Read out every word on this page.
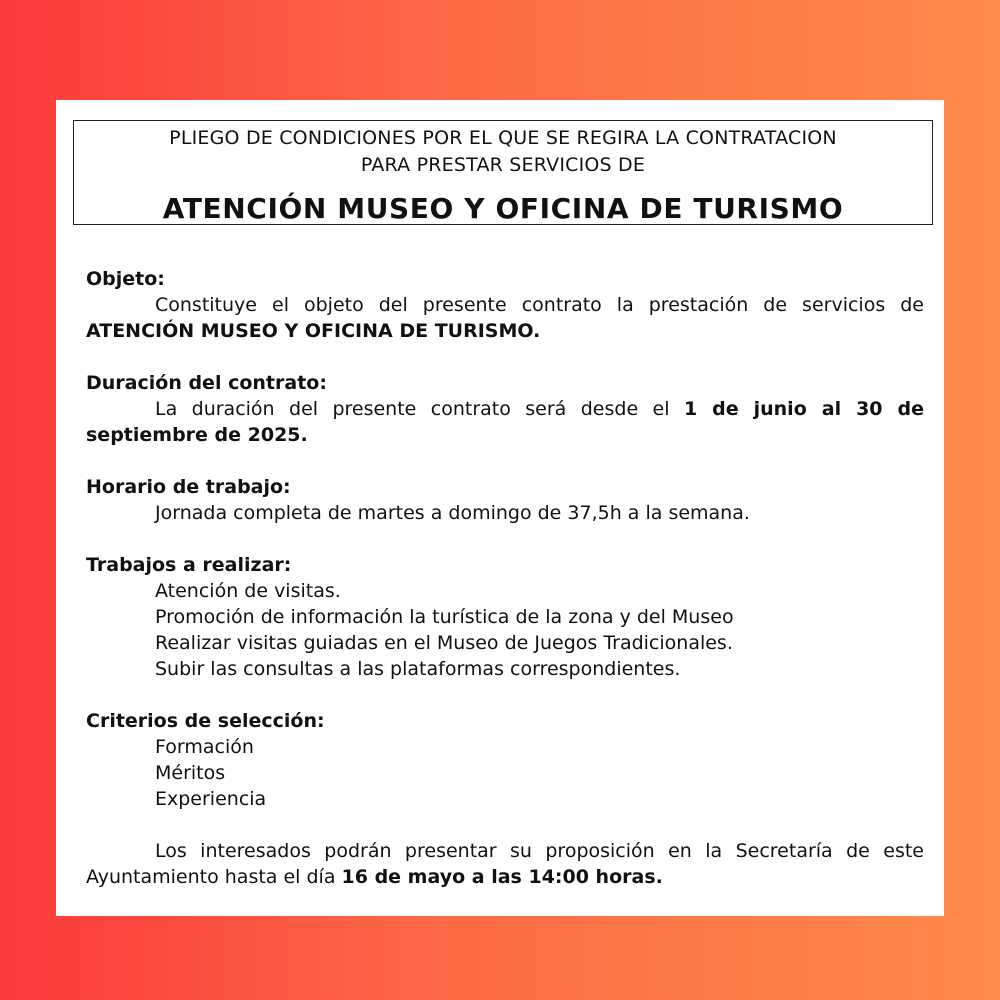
PLIEGO DE CONDICIONES POR EL QUE SE REGIRA LA CONTRATACION
PARA PRESTAR SERVICIOS DE
ATENCIÓN MUSEO Y OFICINA DE TURISMO
Objeto:
Constituye el objeto del presente contrato la prestación de servicios de ATENCIÓN MUSEO Y OFICINA DE TURISMO.
Duración del contrato:
La duración del presente contrato será desde el 1 de junio al 30 de septiembre de 2025.
Horario de trabajo:
Jornada completa de martes a domingo de 37,5h a la semana.
Trabajos a realizar:
Atención de visitas.
Promoción de información la turística de la zona y del Museo
Realizar visitas guiadas en el Museo de Juegos Tradicionales.
Subir las consultas a las plataformas correspondientes.
Criterios de selección:
Formación
Méritos
Experiencia
Los interesados podrán presentar su proposición en la Secretaría de este Ayuntamiento hasta el día 16 de mayo a las 14:00 horas.
